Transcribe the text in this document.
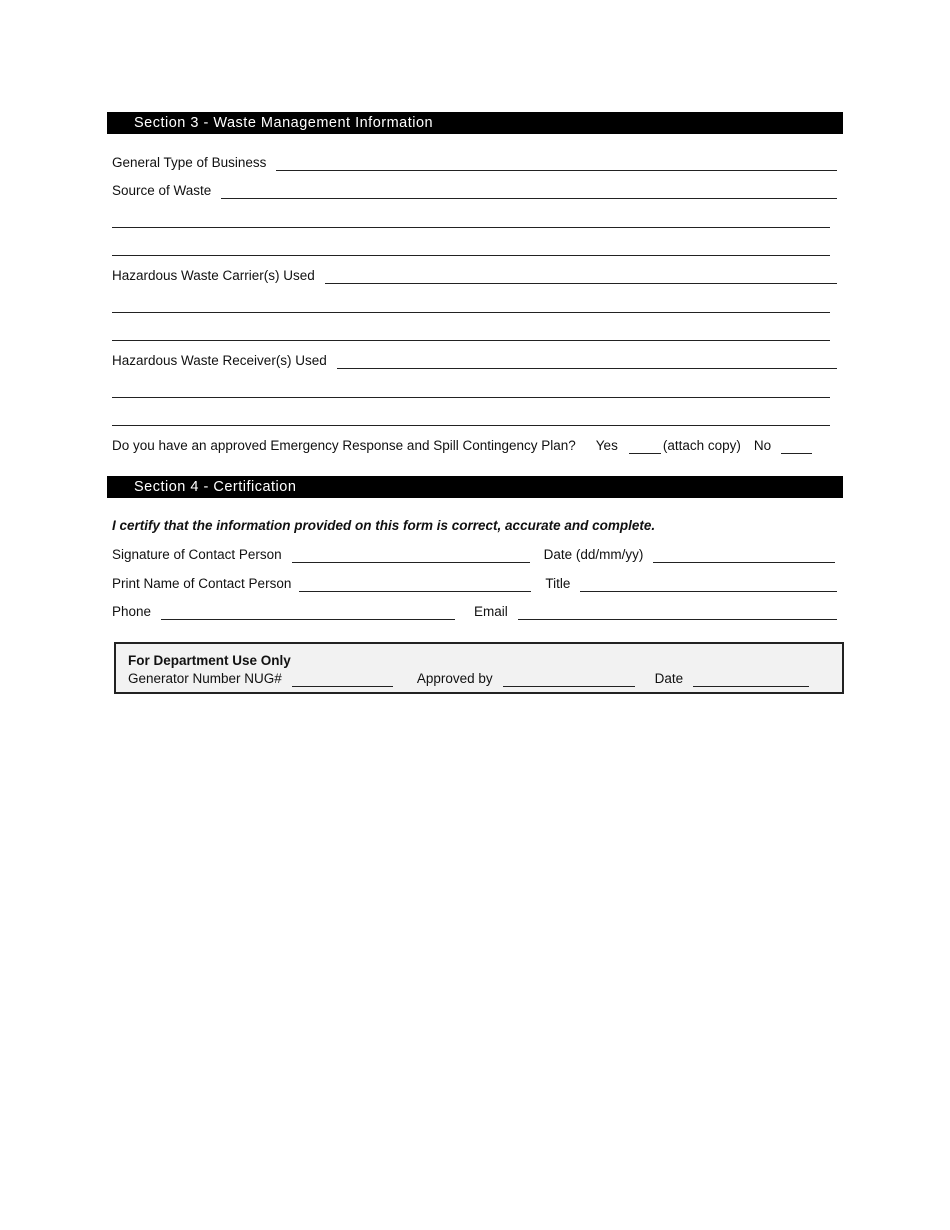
Section 3 - Waste Management Information
General Type of Business
Source of Waste
Hazardous Waste Carrier(s) Used
Hazardous Waste Receiver(s) Used
Do you have an approved Emergency Response and Spill Contingency Plan? Yes	(attach copy) No
Section 4 - Certification
I certify that the information provided on this form is correct, accurate and complete.
Signature of Contact Person	Date (dd/mm/yy)
Print Name of Contact Person	Title
Phone	Email
For Department Use Only
Generator Number NUG#	Approved by	Date
